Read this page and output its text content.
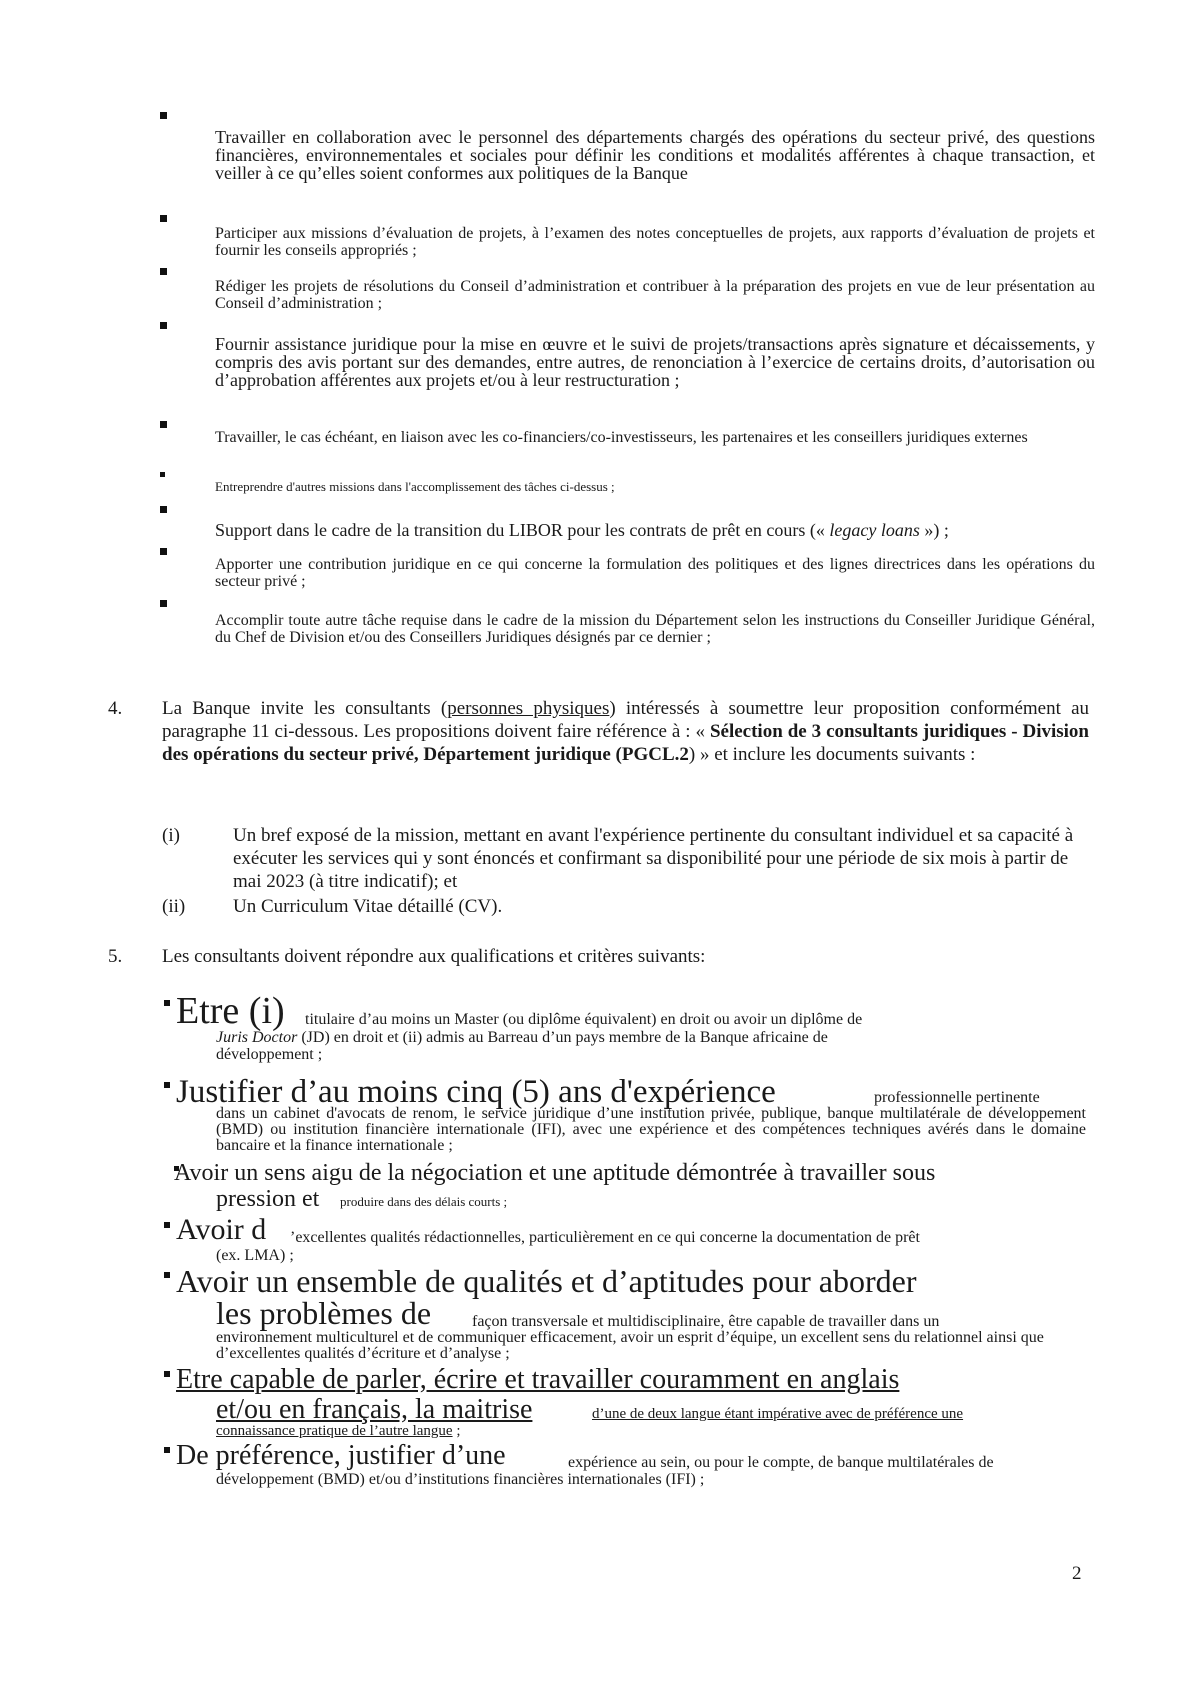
Travailler en collaboration avec le personnel des départements chargés des opérations du secteur privé, des questions financières, environnementales et sociales pour définir les conditions et modalités afférentes à chaque transaction, et veiller à ce qu’elles soient conformes aux politiques de la Banque
Participer aux missions d’évaluation de projets, à l’examen des notes conceptuelles de projets, aux rapports d’évaluation de projets et fournir les conseils appropriés ;
Rédiger les projets de résolutions du Conseil d’administration et contribuer à la préparation des projets en vue de leur présentation au Conseil d’administration ;
Fournir assistance juridique pour la mise en œuvre et le suivi de projets/transactions après signature et décaissements, y compris des avis portant sur des demandes, entre autres, de renonciation à l’exercice de certains droits, d’autorisation ou d’approbation afférentes aux projets et/ou à leur restructuration ;
Travailler, le cas échéant, en liaison avec les co-financiers/co-investisseurs, les partenaires et les conseillers juridiques externes
Entreprendre d'autres missions dans l'accomplissement des tâches ci-dessus ;
Support dans le cadre de la transition du LIBOR pour les contrats de prêt en cours (« legacy loans ») ;
Apporter une contribution juridique en ce qui concerne la formulation des politiques et des lignes directrices dans les opérations du secteur privé ;
Accomplir toute autre tâche requise dans le cadre de la mission du Département selon les instructions du Conseiller Juridique Général, du Chef de Division et/ou des Conseillers Juridiques désignés par ce dernier ;
4. La Banque invite les consultants (personnes physiques) intéressés à soumettre leur proposition conformément au paragraphe 11 ci-dessous. Les propositions doivent faire référence à : « Sélection de 3 consultants juridiques - Division des opérations du secteur privé, Département juridique (PGCL.2) » et inclure les documents suivants :
(i)	Un bref exposé de la mission, mettant en avant l'expérience pertinente du consultant individuel et sa capacité à exécuter les services qui y sont énoncés et confirmant sa disponibilité pour une période de six mois à partir de mai 2023 (à titre indicatif); et
(ii)	Un Curriculum Vitae détaillé (CV).
5. Les consultants doivent répondre aux qualifications et critères suivants:
Etre (i) titulaire d’au moins un Master (ou diplôme équivalent) en droit ou avoir un diplôme de
Juris Doctor (JD) en droit et (ii) admis au Barreau d’un pays membre de la Banque africaine de
développement ;
Justifier d’au moins cinq (5) ans d'expérience	professionnelle pertinente
dans un cabinet d'avocats de renom, le service juridique d’une institution privée, publique, banque multilatérale de développement (BMD) ou institution financière internationale (IFI), avec une expérience et des compétences techniques avérés dans le domaine bancaire et la finance internationale ;
Avoir un sens aigu de la négociation et une aptitude démontrée à travailler sous
pression et produire dans des délais courts ;
Avoir d ’excellentes qualités rédactionnelles, particulièrement en ce qui concerne la documentation de prêt
(ex. LMA) ;
Avoir un ensemble de qualités et d’aptitudes pour aborder
les problèmes de	façon transversale et multidisciplinaire, être capable de travailler dans un
environnement multiculturel et de communiquer efficacement, avoir un esprit d’équipe, un excellent sens du relationnel ainsi que d’excellentes qualités d’écriture et d’analyse ;
Etre capable de parler, écrire et travailler couramment en anglais
et/ou en français, la maitrise	d’une de deux langue étant impérative avec de préférence une
connaissance pratique de l’autre langue ;
De préférence, justifier d’une	expérience au sein, ou pour le compte, de banque multilatérales de
développement (BMD) et/ou d’institutions financières internationales (IFI) ;
2
